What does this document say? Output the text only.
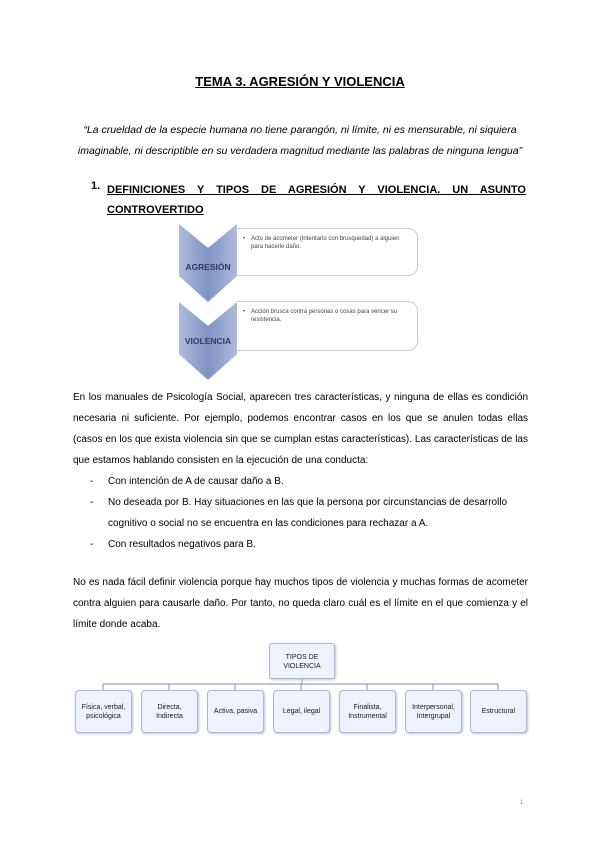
TEMA 3. AGRESIÓN Y VIOLENCIA
“La crueldad de la especie humana no tiene parangón, ni límite, ni es mensurable, ni siquiera imaginable, ni descriptible en su verdadera magnitud mediante las palabras de ninguna lengua”
1. DEFINICIONES Y TIPOS DE AGRESIÓN Y VIOLENCIA. UN ASUNTO
CONTROVERTIDO
AGRESIÓN
VIOLENCIA
• Acto de acometer (Intentarlo con brusquedad) a alguien para hacerle daño.
• Acción brusca contra personas o cosas para vencer su resistencia.
En los manuales de Psicología Social, aparecen tres características, y ninguna de ellas es condición necesaria ni suficiente. Por ejemplo, podemos encontrar casos en los que se anulen todas ellas (casos en los que exista violencia sin que se cumplan estas características). Las características de las que estamos hablando consisten en la ejecución de una conducta:
- Con intención de A de causar daño a B.
- No deseada por B. Hay situaciones en las que la persona por circunstancias de desarrollo
cognitivo o social no se encuentra en las condiciones para rechazar a A.
- Con resultados negativos para B.
No es nada fácil definir violencia porque hay muchos tipos de violencia y muchas formas de acometer contra alguien para causarle daño. Por tanto, no queda claro cuál es el límite en el que comienza y el límite donde acaba.
TIPOS DE VIOLENCIA
Física, verbal, psicológica
Directa, Indirecta
Activa, pasiva	Legal, ilegal
Finalista, Instrumental
Interpersonal, Intergrupal
Estructural
1
